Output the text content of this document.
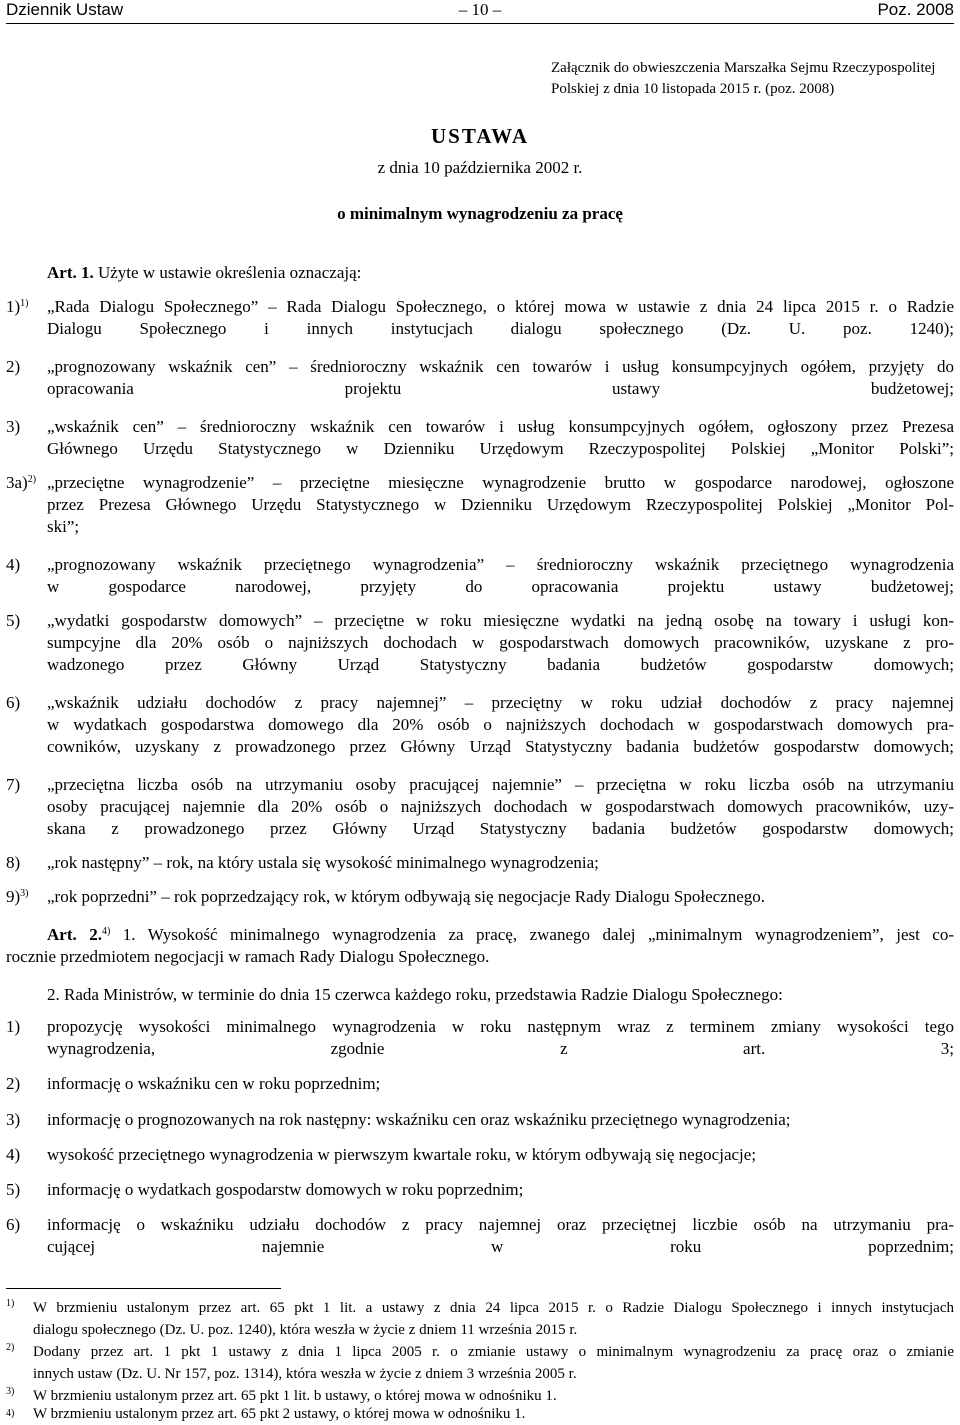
Dziennik Ustaw	– 10 –	Poz. 2008
Załącznik do obwieszczenia Marszałka Sejmu Rzeczypospolitej
Polskiej z dnia 10 listopada 2015 r. (poz. 2008)
USTAWA
z dnia 10 października 2002 r.
o minimalnym wynagrodzeniu za pracę
Art. 1. Użyte w ustawie określenia oznaczają:
1)$^{1)}$ „Rada Dialogu Społecznego” – Rada Dialogu Społecznego, o której mowa w ustawie z dnia 24 lipca 2015 r. o Radzie
Dialogu Społecznego i innych instytucjach dialogu społecznego (Dz. U. poz. 1240);
2) „prognozowany wskaźnik cen” – średnioroczny wskaźnik cen towarów i usług konsumpcyjnych ogółem, przyjęty do
opracowania projektu ustawy budżetowej;
3) „wskaźnik cen” – średnioroczny wskaźnik cen towarów i usług konsumpcyjnych ogółem, ogłoszony przez Prezesa
Głównego Urzędu Statystycznego w Dzienniku Urzędowym Rzeczypospolitej Polskiej „Monitor Polski”;
3a)$^{2)}$ „przeciętne wynagrodzenie” – przeciętne miesięczne wynagrodzenie brutto w gospodarce narodowej, ogłoszone
przez Prezesa Głównego Urzędu Statystycznego w Dzienniku Urzędowym Rzeczypospolitej Polskiej „Monitor Pol-
ski”;
4) „prognozowany wskaźnik przeciętnego wynagrodzenia” – średnioroczny wskaźnik przeciętnego wynagrodzenia
w gospodarce narodowej, przyjęty do opracowania projektu ustawy budżetowej;
5) „wydatki gospodarstw domowych” – przeciętne w roku miesięczne wydatki na jedną osobę na towary i usługi kon-
sumpcyjne dla 20% osób o najniższych dochodach w gospodarstwach domowych pracowników, uzyskane z pro-
wadzonego przez Główny Urząd Statystyczny badania budżetów gospodarstw domowych;
6) „wskaźnik udziału dochodów z pracy najemnej” – przeciętny w roku udział dochodów z pracy najemnej
w wydatkach gospodarstwa domowego dla 20% osób o najniższych dochodach w gospodarstwach domowych pra-
cowników, uzyskany z prowadzonego przez Główny Urząd Statystyczny badania budżetów gospodarstw domowych;
7) „przeciętna liczba osób na utrzymaniu osoby pracującej najemnie” – przeciętna w roku liczba osób na utrzymaniu
osoby pracującej najemnie dla 20% osób o najniższych dochodach w gospodarstwach domowych pracowników, uzy-
skana z prowadzonego przez Główny Urząd Statystyczny badania budżetów gospodarstw domowych;
8) „rok następny” – rok, na który ustala się wysokość minimalnego wynagrodzenia;
9)$^{3)}$ „rok poprzedni” – rok poprzedzający rok, w którym odbywają się negocjacje Rady Dialogu Społecznego.
Art. 2.$^{4)}$ 1. Wysokość minimalnego wynagrodzenia za pracę, zwanego dalej „minimalnym wynagrodzeniem”, jest co-
rocznie przedmiotem negocjacji w ramach Rady Dialogu Społecznego.
2. Rada Ministrów, w terminie do dnia 15 czerwca każdego roku, przedstawia Radzie Dialogu Społecznego:
1) propozycję wysokości minimalnego wynagrodzenia w roku następnym wraz z terminem zmiany wysokości tego
wynagrodzenia, zgodnie z art. 3;
2) informację o wskaźniku cen w roku poprzednim;
3) informację o prognozowanych na rok następny: wskaźniku cen oraz wskaźniku przeciętnego wynagrodzenia;
4) wysokość przeciętnego wynagrodzenia w pierwszym kwartale roku, w którym odbywają się negocjacje;
5) informację o wydatkach gospodarstw domowych w roku poprzednim;
6) informację o wskaźniku udziału dochodów z pracy najemnej oraz przeciętnej liczbie osób na utrzymaniu pra-
cującej najemnie w roku poprzednim;
1) W brzmieniu ustalonym przez art. 65 pkt 1 lit. a ustawy z dnia 24 lipca 2015 r. o Radzie Dialogu Społecznego i innych instytucjach
dialogu społecznego (Dz. U. poz. 1240), która weszła w życie z dniem 11 września 2015 r.
2) Dodany przez art. 1 pkt 1 ustawy z dnia 1 lipca 2005 r. o zmianie ustawy o minimalnym wynagrodzeniu za pracę oraz o zmianie
innych ustaw (Dz. U. Nr 157, poz. 1314), która weszła w życie z dniem 3 września 2005 r.
3) W brzmieniu ustalonym przez art. 65 pkt 1 lit. b ustawy, o której mowa w odnośniku 1.
4) W brzmieniu ustalonym przez art. 65 pkt 2 ustawy, o której mowa w odnośniku 1.
